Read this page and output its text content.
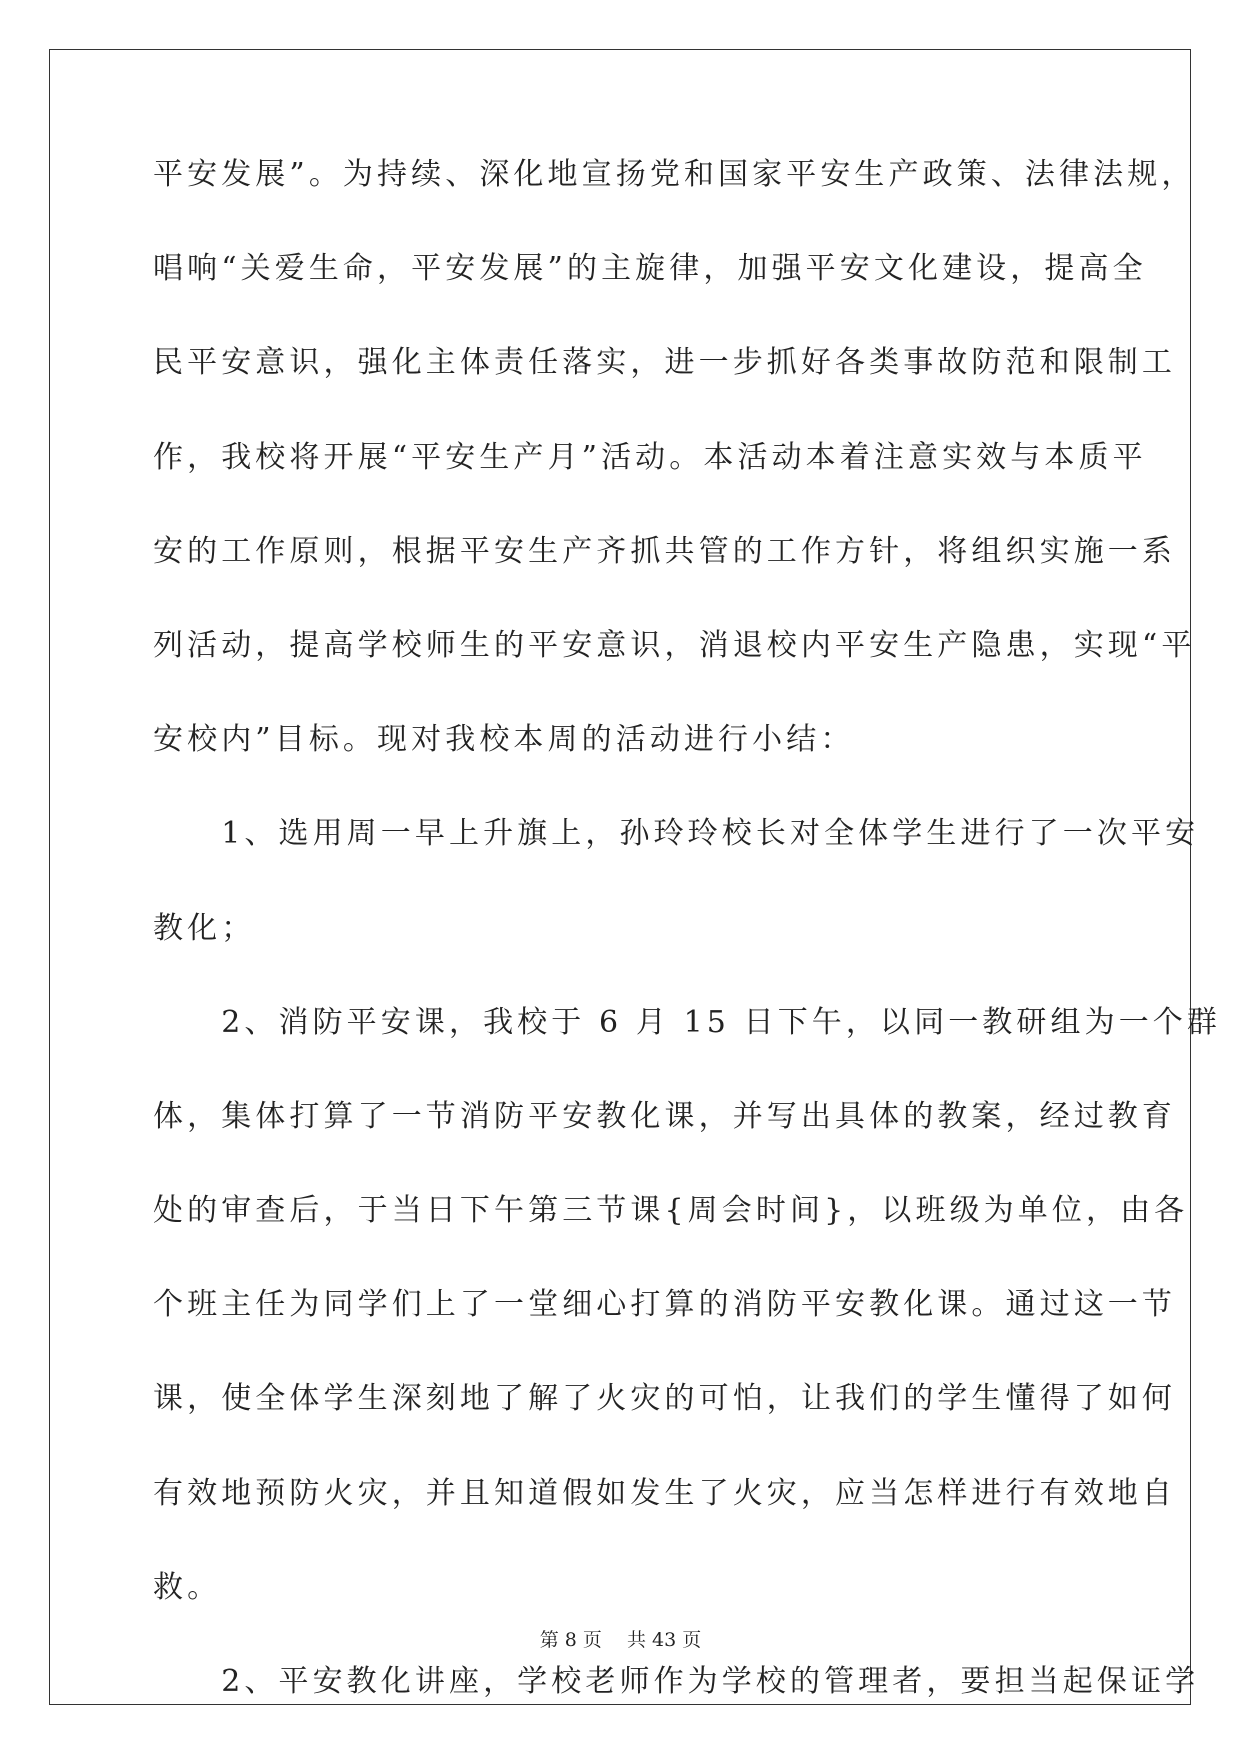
平安发展”。为持续、深化地宣扬党和国家平安生产政策、法律法规，
唱响“关爱生命，平安发展”的主旋律，加强平安文化建设，提高全
民平安意识，强化主体责任落实，进一步抓好各类事故防范和限制工
作，我校将开展“平安生产月”活动。本活动本着注意实效与本质平
安的工作原则，根据平安生产齐抓共管的工作方针，将组织实施一系
列活动，提高学校师生的平安意识，消退校内平安生产隐患，实现“平
安校内”目标。现对我校本周的活动进行小结：
　　1、选用周一早上升旗上，孙玲玲校长对全体学生进行了一次平安
教化；
　　2、消防平安课，我校于 6 月 15 日下午，以同一教研组为一个群
体，集体打算了一节消防平安教化课，并写出具体的教案，经过教育
处的审查后，于当日下午第三节课{周会时间}，以班级为单位，由各
个班主任为同学们上了一堂细心打算的消防平安教化课。通过这一节
课，使全体学生深刻地了解了火灾的可怕，让我们的学生懂得了如何
有效地预防火灾，并且知道假如发生了火灾，应当怎样进行有效地自
救。
　　2、平安教化讲座，学校老师作为学校的管理者，要担当起保证学
第 8 页　 共 43 页
